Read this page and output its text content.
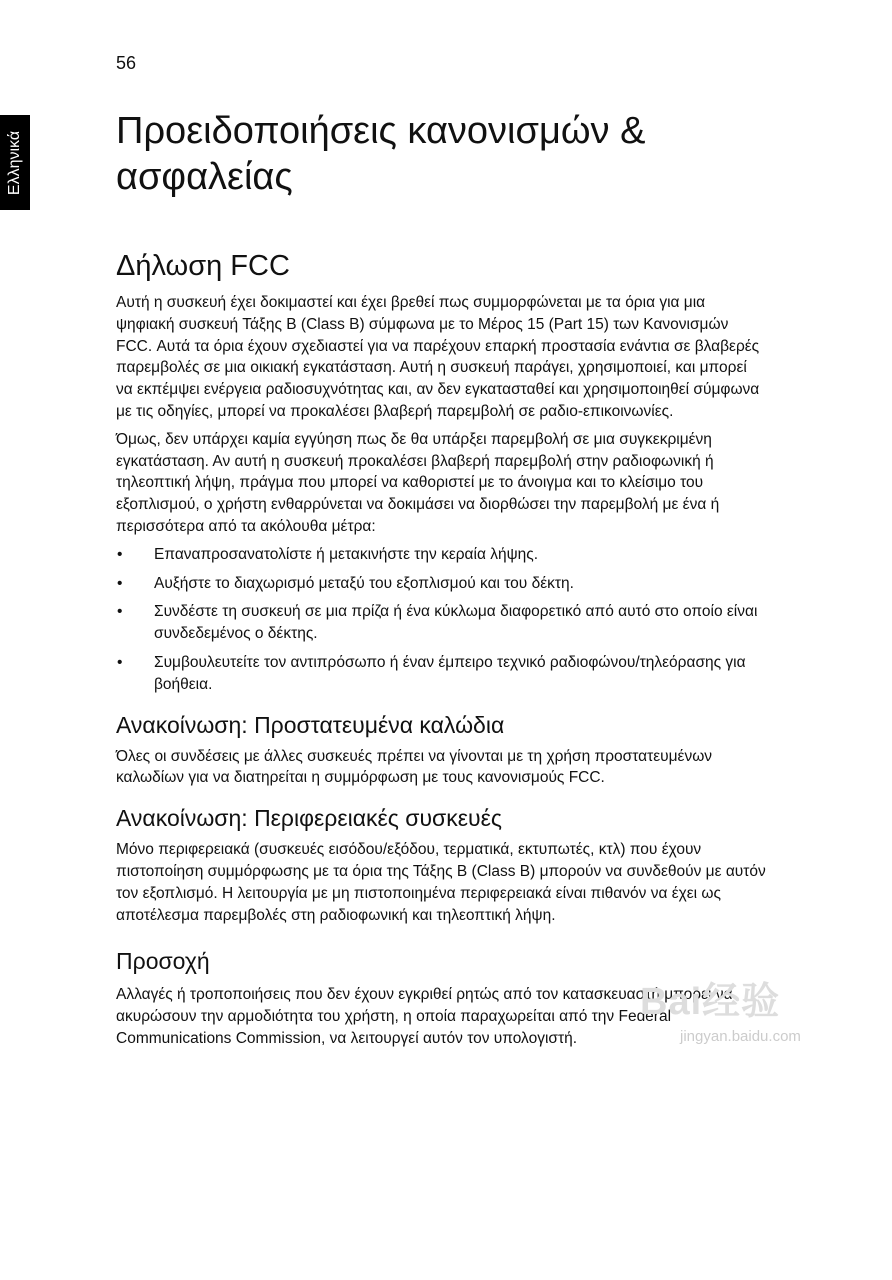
56
Ελληνικά Προειδοποιήσεις κανονισμών & ασφαλείας
Δήλωση FCC

Αυτή η συσκευή έχει δοκιμαστεί και έχει βρεθεί πως συμμορφώνεται με τα όρια για μια ψηφιακή συσκευή Τάξης B (Class B) σύμφωνα με το Μέρος 15 (Part 15) των Κανονισμών FCC. Αυτά τα όρια έχουν σχεδιαστεί για να παρέχουν επαρκή προστασία ενάντια σε βλαβερές παρεμβολές σε μια οικιακή εγκατάσταση. Αυτή η συσκευή παράγει, χρησιμοποιεί, και μπορεί να εκπέμψει ενέργεια ραδιοσυχνότητας και, αν δεν εγκατασταθεί και χρησιμοποιηθεί σύμφωνα με τις οδηγίες, μπορεί να προκαλέσει βλαβερή παρεμβολή σε ραδιο-επικοινωνίες.

Όμως, δεν υπάρχει καμία εγγύηση πως δε θα υπάρξει παρεμβολή σε μια συγκεκριμένη εγκατάσταση. Αν αυτή η συσκευή προκαλέσει βλαβερή παρεμβολή στην ραδιοφωνική ή τηλεοπτική λήψη, πράγμα που μπορεί να καθοριστεί με το άνοιγμα και το κλείσιμο του εξοπλισμού, ο χρήστη ενθαρρύνεται να δοκιμάσει να διορθώσει την παρεμβολή με ένα ή περισσότερα από τα ακόλουθα μέτρα:

• Επαναπροσανατολίστε ή μετακινήστε την κεραία λήψης.
• Αυξήστε το διαχωρισμό μεταξύ του εξοπλισμού και του δέκτη.
• Συνδέστε τη συσκευή σε μια πρίζα ή ένα κύκλωμα διαφορετικό από αυτό στο οποίο είναι συνδεδεμένος ο δέκτης.
• Συμβουλευτείτε τον αντιπρόσωπο ή έναν έμπειρο τεχνικό ραδιοφώνου/τηλεόρασης για βοήθεια.
Ανακοίνωση: Προστατευμένα καλώδια

Όλες οι συνδέσεις με άλλες συσκευές πρέπει να γίνονται με τη χρήση προστατευμένων καλωδίων για να διατηρείται η συμμόρφωση με τους κανονισμούς FCC.

Ανακοίνωση: Περιφερειακές συσκευές

Μόνο περιφερειακά (συσκευές εισόδου/εξόδου, τερματικά, εκτυπωτές, κτλ) που έχουν πιστοποίηση συμμόρφωσης με τα όρια της Τάξης B (Class B) μπορούν να συνδεθούν με αυτόν τον εξοπλισμό. Η λειτουργία με μη πιστοποιημένα περιφερειακά είναι πιθανόν να έχει ως αποτέλεσμα παρεμβολές στη ραδιοφωνική και τηλεοπτική λήψη.

Προσοχή

Αλλαγές ή τροποποιήσεις που δεν έχουν εγκριθεί ρητώς από τον κατασκευαστή μπορεί να ακυρώσουν την αρμοδιότητα του χρήστη, η οποία παραχωρείται από την Federal Communications Commission, να λειτουργεί αυτόν τον υπολογιστή.

Bai经验
jingyan.baidu.com
